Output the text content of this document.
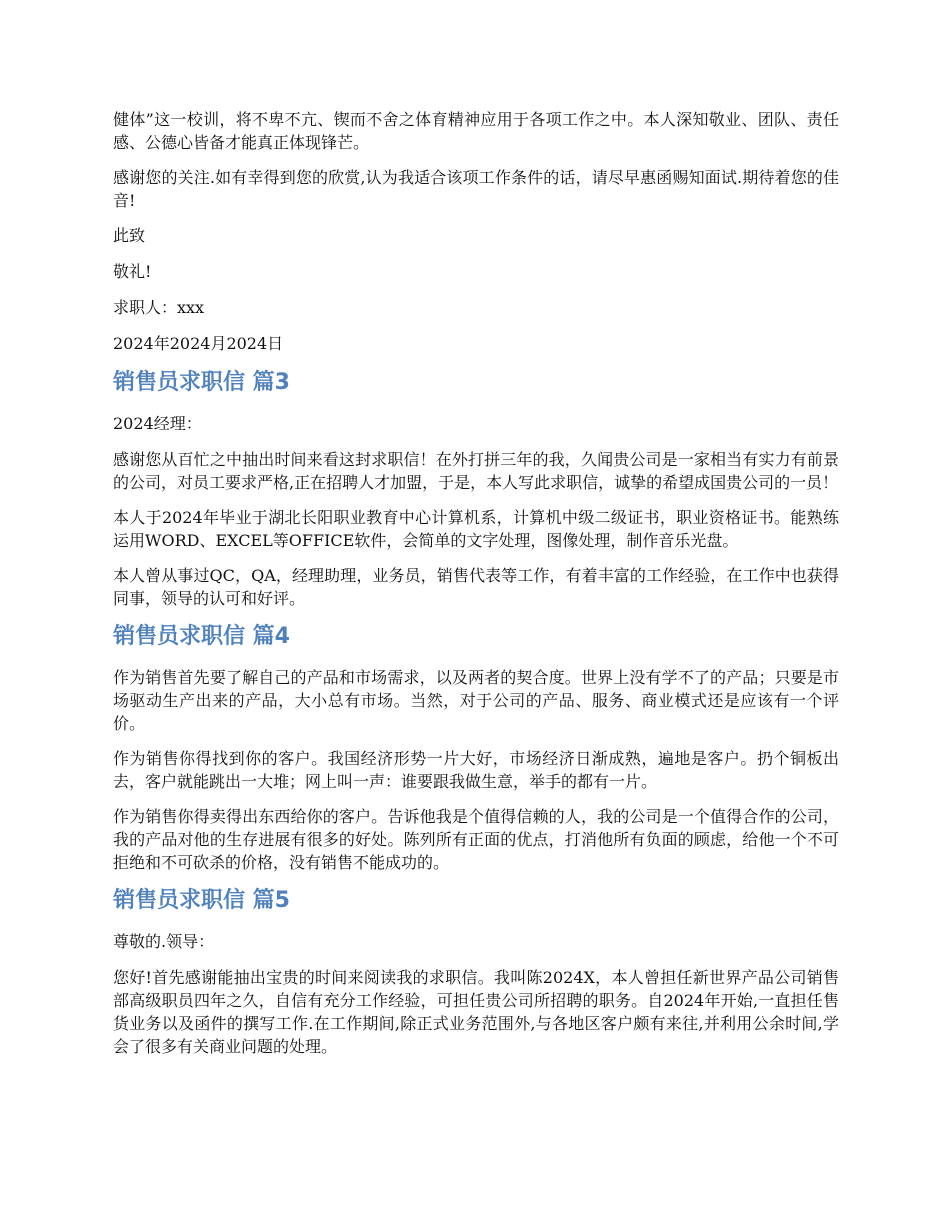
健体”这一校训，将不卑不亢、锲而不舍之体育精神应用于各项工作之中。本人深知敬业、团队、责任感、公德心皆备才能真正体现锋芒。

感谢您的关注.如有幸得到您的欣赏,认为我适合该项工作条件的话，请尽早惠函赐知面试.期待着您的佳音!

此致

敬礼!

求职人：xxx

2024年2024月2024日

销售员求职信 篇3

2024经理：

感谢您从百忙之中抽出时间来看这封求职信！在外打拼三年的我，久闻贵公司是一家相当有实力有前景的公司，对员工要求严格,正在招聘人才加盟，于是，本人写此求职信，诚挚的希望成国贵公司的一员！

本人于2024年毕业于湖北长阳职业教育中心计算机系，计算机中级二级证书，职业资格证书。能熟练运用WORD、EXCEL等OFFICE软件，会简单的文字处理，图像处理，制作音乐光盘。

本人曾从事过QC，QA，经理助理，业务员，销售代表等工作，有着丰富的工作经验，在工作中也获得同事，领导的认可和好评。

销售员求职信 篇4

作为销售首先要了解自己的产品和市场需求，以及两者的契合度。世界上没有学不了的产品；只要是市场驱动生产出来的产品，大小总有市场。当然，对于公司的产品、服务、商业模式还是应该有一个评价。

作为销售你得找到你的客户。我国经济形势一片大好，市场经济日渐成熟，遍地是客户。扔个铜板出去，客户就能跳出一大堆；网上叫一声：谁要跟我做生意，举手的都有一片。

作为销售你得卖得出东西给你的客户。告诉他我是个值得信赖的人，我的公司是一个值得合作的公司，我的产品对他的生存进展有很多的好处。陈列所有正面的优点，打消他所有负面的顾虑，给他一个不可拒绝和不可砍杀的价格，没有销售不能成功的。

销售员求职信 篇5

尊敬的.领导：

您好!首先感谢能抽出宝贵的时间来阅读我的求职信。我叫陈2024X，本人曾担任新世界产品公司销售部高级职员四年之久，自信有充分工作经验，可担任贵公司所招聘的职务。自2024年开始,一直担任售货业务以及函件的撰写工作.在工作期间,除正式业务范围外,与各地区客户颇有来往,并利用公余时间,学会了很多有关商业问题的处理。
